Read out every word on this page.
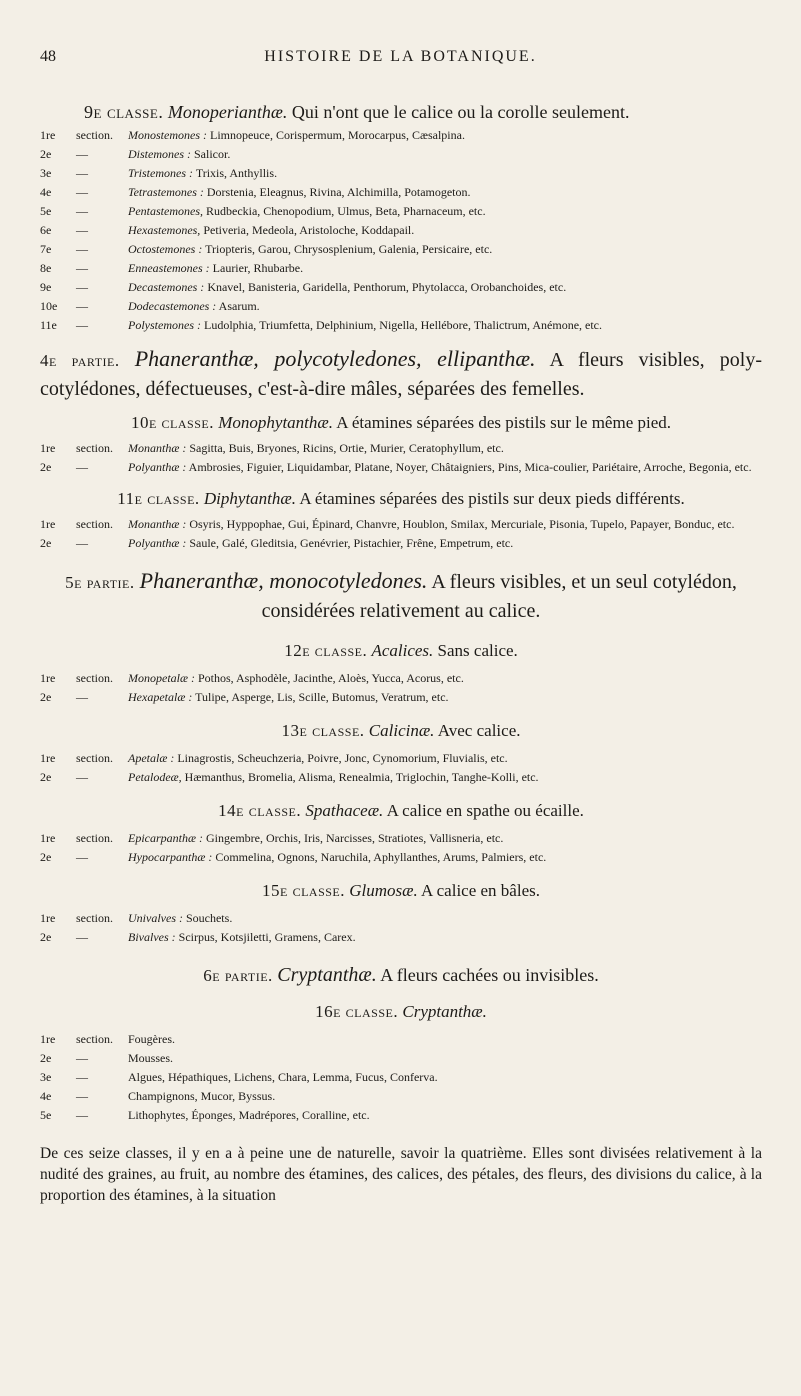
48	HISTOIRE DE LA BOTANIQUE.
9e classe. Monoperianthæ. Qui n'ont que le calice ou la corolle seulement.
1re	section.	Monostemones : Limnopeuce, Corispermum, Morocarpus, Cæsalpina.
2e	—	Distemones : Salicor.
3e	—	Tristemones : Trixis, Anthyllis.
4e	—	Tetrastemones : Dorstenia, Eleagnus, Rivina, Alchimilla, Potamogeton.
5e	—	Pentastemones, Rudbeckia, Chenopodium, Ulmus, Beta, Pharnaceum, etc.
6e	—	Hexastemones, Petiveria, Medeola, Aristoloche, Koddapail.
7e	—	Octostemones : Triopteris, Garou, Chrysosplenium, Galenia, Persicaire, etc.
8e	—	Enneastemones : Laurier, Rhubarbe.
9e	—	Decastemones : Knavel, Banisteria, Garidella, Penthorum, Phytolacca, Orobanchoides, etc.
10e	—	Dodecastemones : Asarum.
11e	—	Polystemones : Ludolphia, Triumfetta, Delphinium, Nigella, Hellébore, Thalictrum, Anémone, etc.
4e partie. Phaneranthæ, polycotyledones, ellipanthæ. A fleurs visibles, poly-cotylédones, défectueuses, c'est-à-dire mâles, séparées des femelles.
10e classe. Monophytanthæ. A étamines séparées des pistils sur le même pied.
1re	section.	Monanthæ : Sagitta, Buis, Bryones, Ricins, Ortie, Murier, Ceratophyllum, etc.
2e	—	Polyanthæ : Ambrosies, Figuier, Liquidambar, Platane, Noyer, Châtaigniers, Pins, Mica-coulier, Pariétaire, Arroche, Begonia, etc.
11e classe. Diphytanthæ. A étamines séparées des pistils sur deux pieds différents.
1re	section.	Monanthæ : Osyris, Hyppophae, Gui, Épinard, Chanvre, Houblon, Smilax, Mercuriale, Pisonia, Tupelo, Papayer, Bonduc, etc.
2e	—	Polyanthæ : Saule, Galé, Gleditsia, Genévrier, Pistachier, Frêne, Empetrum, etc.
5e partie. Phaneranthæ, monocotyledones. A fleurs visibles, et un seul cotylédon, considérées relativement au calice.
12e classe. Acalices. Sans calice.
1re	section.	Monopetalæ : Pothos, Asphodèle, Jacinthe, Aloès, Yucca, Acorus, etc.
2e	—	Hexapetalæ : Tulipe, Asperge, Lis, Scille, Butomus, Veratrum, etc.
13e classe. Calicinæ. Avec calice.
1re	section.	Apetalæ : Linagrostis, Scheuchzeria, Poivre, Jonc, Cynomorium, Fluvialis, etc.
2e	—	Petalodeæ, Hæmanthus, Bromelia, Alisma, Renealmia, Triglochin, Tanghe-Kolli, etc.
14e classe. Spathaceæ. A calice en spathe ou écaille.
1re	section.	Epicarpanthæ : Gingembre, Orchis, Iris, Narcisses, Stratiotes, Vallisneria, etc.
2e	—	Hypocarpanthæ : Commelina, Ognons, Naruchila, Aphyllanthes, Arums, Palmiers, etc.
15e classe. Glumosæ. A calice en bâles.
1re	section.	Univalves : Souchets.
2e	—	Bivalves : Scirpus, Kotsjiletti, Gramens, Carex.
6e partie. Cryptanthæ. A fleurs cachées ou invisibles.
16e classe. Cryptanthæ.
1re	section.	Fougères.
2e	—	Mousses.
3e	—	Algues, Hépathiques, Lichens, Chara, Lemma, Fucus, Conferva.
4e	—	Champignons, Mucor, Byssus.
5e	—	Lithophytes, Éponges, Madrépores, Coralline, etc.

De ces seize classes, il y en a à peine une de naturelle, savoir la quatrième. Elles sont divisées relativement à la nudité des graines, au fruit, au nombre des étamines, des calices, des pétales, des fleurs, des divisions du calice, à la proportion des étamines, à la situation
